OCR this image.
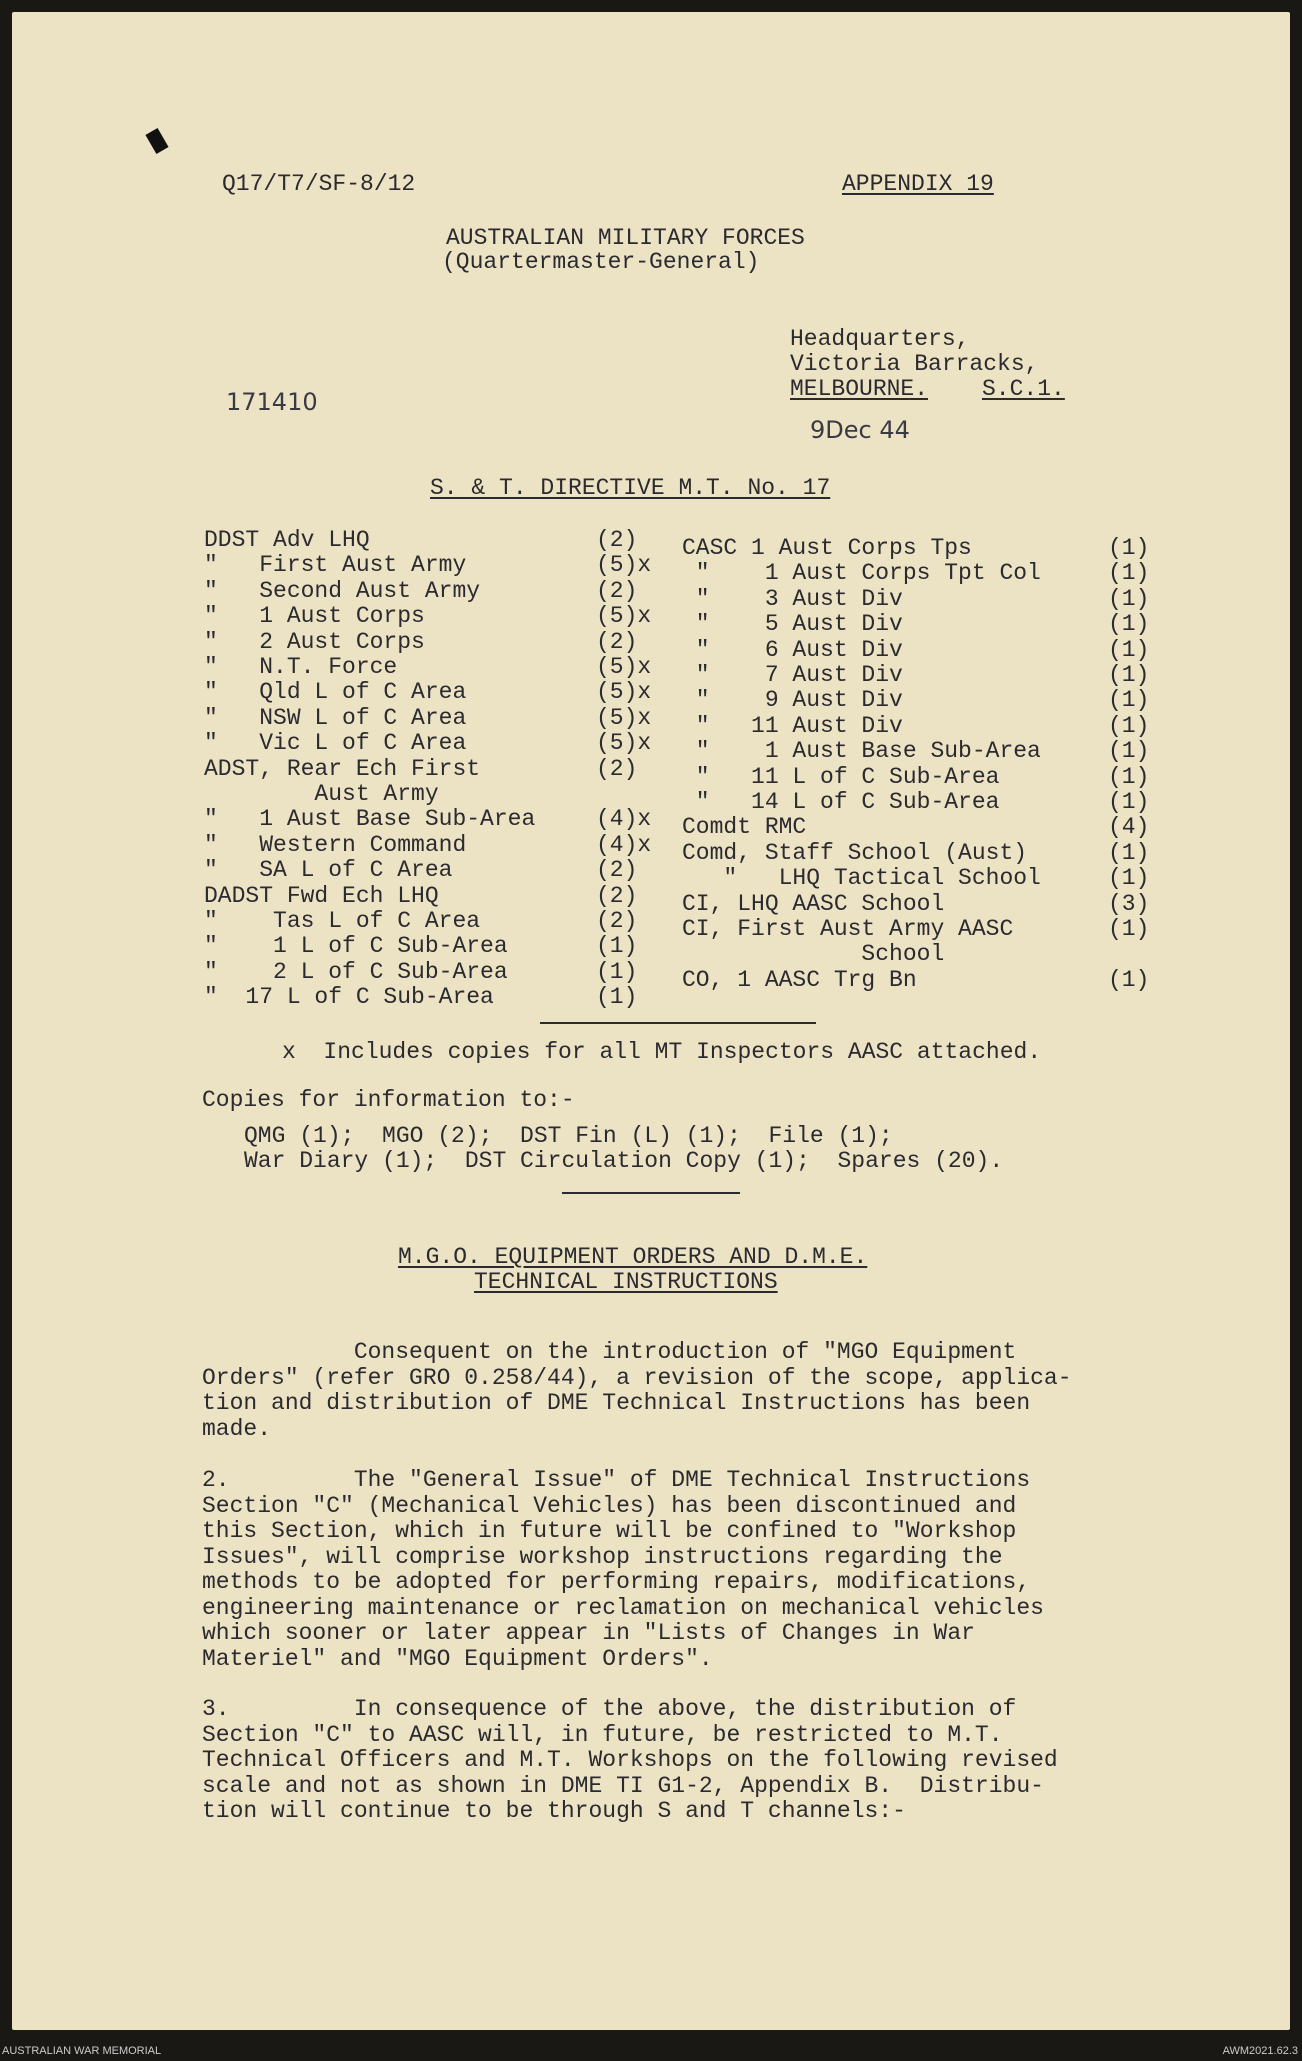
Q17/T7/SF-8/12	APPENDIX 19
AUSTRALIAN MILITARY FORCES
(Quartermaster-General)
Headquarters,
Victoria Barracks,
MELBOURNE. S.C.1.
171410
9Dec 44
S. & T. DIRECTIVE M.T. No. 17
DDST Adv LHQ	(2)
"   First Aust Army	(5)х
"   Second Aust Army	(2)
"   1 Aust Corps	(5)х
"   2 Aust Corps	(2)
"   N.T. Force	(5)х
"   Qld L of C Area	(5)х
"   NSW L of C Area	(5)х
"   Vic L of C Area	(5)х
ADST, Rear Ech First	(2)
Aust Army
"   1 Aust Base Sub-Area	(4)х
"   Western Command	(4)х
"   SA L of C Area	(2)
DADST Fwd Ech LHQ	(2)
"    Tas L of C Area	(2)
"    1 L of C Sub-Area	(1)
"    2 L of C Sub-Area	(1)
"  17 L of C Sub-Area	(1)
CASC 1 Aust Corps Tps	(1)
"    1 Aust Corps Tpt Col	(1)
"    3 Aust Div	(1)
"    5 Aust Div	(1)
"    6 Aust Div	(1)
"    7 Aust Div	(1)
"    9 Aust Div	(1)
"   11 Aust Div	(1)
"    1 Aust Base Sub-Area	(1)
"   11 L of C Sub-Area	(1)
"   14 L of C Sub-Area	(1)
Comdt RMC	(4)
Comd, Staff School (Aust)	(1)
"   LHQ Tactical School	(1)
CI, LHQ AASC School	(3)
CI, First Aust Army AASC	(1)
School
CO, 1 AASC Trg Bn	(1)
х  Includes copies for all MT Inspectors AASC attached.
Copies for information to:-
QMG (1);  MGO (2);  DST Fin (L) (1);  File (1);
War Diary (1);  DST Circulation Copy (1);  Spares (20).
M.G.O. EQUIPMENT ORDERS AND D.M.E.
TECHNICAL INSTRUCTIONS
Consequent on the introduction of "MGO Equipment
Orders" (refer GRO 0.258/44), a revision of the scope, applica-
tion and distribution of DME Technical Instructions has been
made.
2.         The "General Issue" of DME Technical Instructions
Section "C" (Mechanical Vehicles) has been discontinued and
this Section, which in future will be confined to "Workshop
Issues", will comprise workshop instructions regarding the
methods to be adopted for performing repairs, modifications,
engineering maintenance or reclamation on mechanical vehicles
which sooner or later appear in "Lists of Changes in War
Materiel" and "MGO Equipment Orders".
3.         In consequence of the above, the distribution of
Section "C" to AASC will, in future, be restricted to M.T.
Technical Officers and M.T. Workshops on the following revised
scale and not as shown in DME TI G1-2, Appendix B.  Distribu-
tion will continue to be through S and T channels:-
AUSTRALIAN WAR MEMORIAL	AWM2021.62.3
